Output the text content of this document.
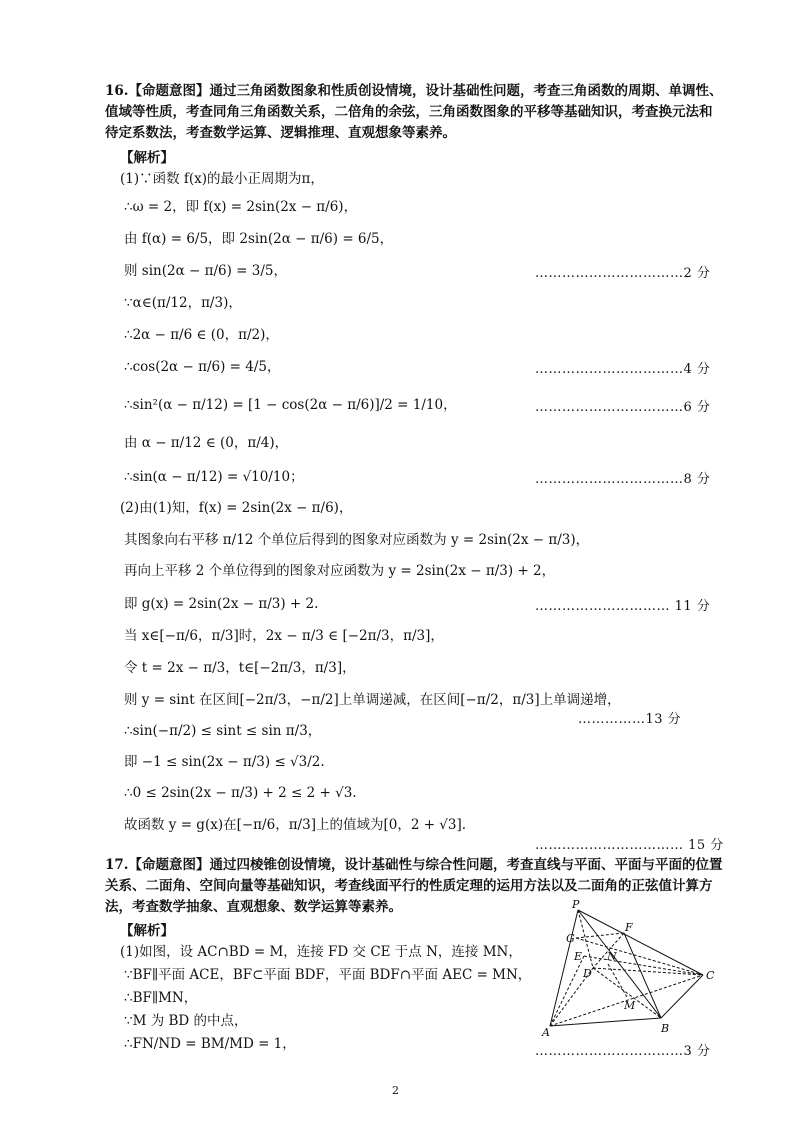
16.【命题意图】通过三角函数图象和性质创设情境，设计基础性问题，考查三角函数的周期、单调性、值域等性质，考查同角三角函数关系，二倍角的余弦，三角函数图象的平移等基础知识，考查换元法和待定系数法，考查数学运算、逻辑推理、直观想象等素养。
【解析】
(1)∵函数 f(x)的最小正周期为π，
∴ω = 2，即 f(x) = 2sin(2x − π/6)，
由 f(α) = 6/5，即 2sin(2α − π/6) = 6/5，
则 sin(2α − π/6) = 3/5，	……………………………2 分
∵α∈(π/12，π/3)，
∴2α − π/6 ∈ (0，π/2)，
∴cos(2α − π/6) = 4/5，	……………………………4 分
∴sin²(α − π/12) = [1 − cos(2α − π/6)]/2 = 1/10，	……………………………6 分
由 α − π/12 ∈ (0，π/4)，
∴sin(α − π/12) = √10/10；	……………………………8 分
(2)由(1)知，f(x) = 2sin(2x − π/6)，
其图象向右平移 π/12 个单位后得到的图象对应函数为 y = 2sin(2x − π/3)，
再向上平移 2 个单位得到的图象对应函数为 y = 2sin(2x − π/3) + 2，
即 g(x) = 2sin(2x − π/3) + 2.	………………………… 11 分
当 x∈[−π/6，π/3]时，2x − π/3 ∈ [−2π/3，π/3]，
令 t = 2x − π/3，t∈[−2π/3，π/3]，
则 y = sint 在区间[−2π/3，−π/2]上单调递减，在区间[−π/2，π/3]上单调递增，
……………13 分
∴sin(−π/2) ≤ sint ≤ sin π/3，
即 −1 ≤ sin(2x − π/3) ≤ √3/2.
∴0 ≤ 2sin(2x − π/3) + 2 ≤ 2 + √3.
故函数 y = g(x)在[−π/6，π/3]上的值域为[0，2 + √3].
…………………………… 15 分
17.【命题意图】通过四棱锥创设情境，设计基础性与综合性问题，考查直线与平面、平面与平面的位置关系、二面角、空间向量等基础知识，考查线面平行的性质定理的运用方法以及二面角的正弦值计算方法，考查数学抽象、直观想象、数学运算等素养。
【解析】
(1)如图，设 AC∩BD = M，连接 FD 交 CE 于点 N，连接 MN，
∵BF∥平面 ACE，BF⊂平面 BDF，平面 BDF∩平面 AEC = MN，
∴BF∥MN，
∵M 为 BD 的中点，
∴FN/ND = BM/MD = 1，	……………………………3 分
P
F
G
E N
D	C
M
A	B
2
